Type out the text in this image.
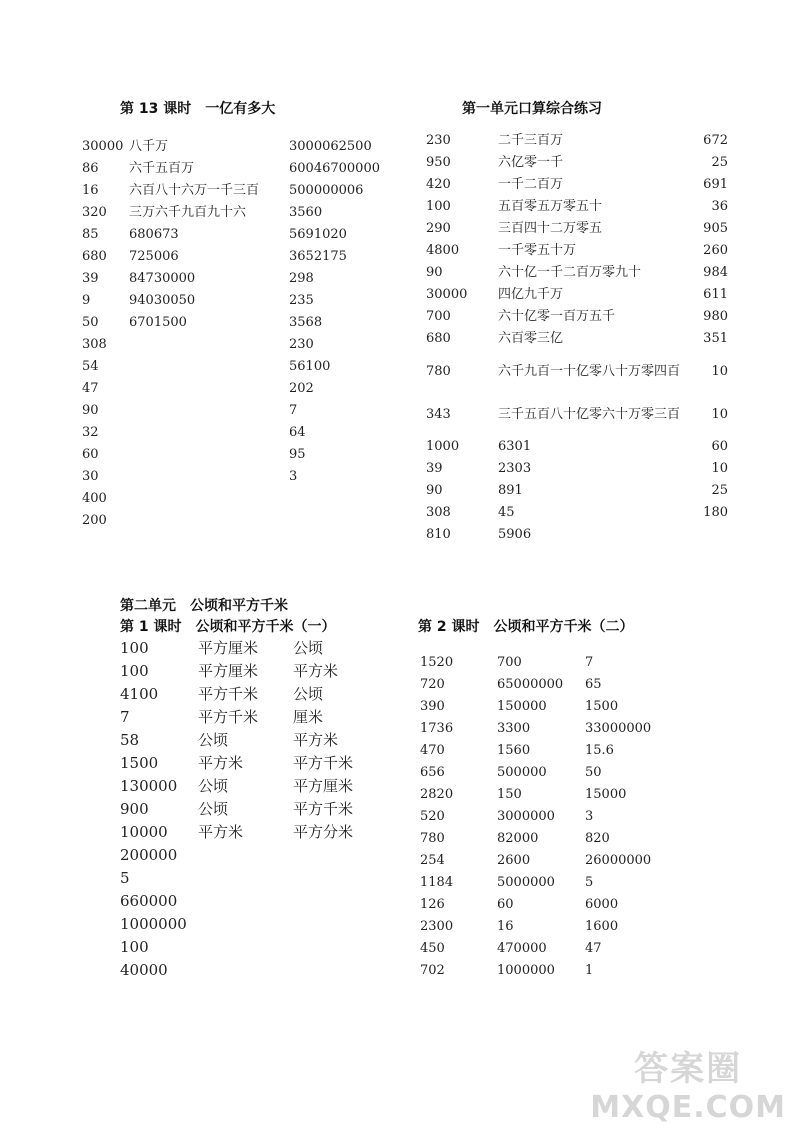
第 13 课时　一亿有多大
30000
86
16
320
85
680
39
9
50
308
54
47
90
32
60
30
400
200
八千万
六千五百万
六百八十六万一千三百
三万六千九百九十六
680673
725006
84730000
94030050
6701500
3000062500
60046700000
500000006
3560
5691020
3652175
298
235
3568
230
56100
202
7
64
95
3
第一单元口算综合练习
230
950
420
100
290
4800
90
30000
700
680
780
343
1000
39
90
308
810
二千三百万
六亿零一千
一千二百万
五百零五万零五十
三百四十二万零五
一千零五十万
六十亿一千二百万零九十
四亿九千万
六十亿零一百万五千
六百零三亿
六千九百一十亿零八十万零四百
三千五百八十亿零六十万零三百
6301
2303
891
45
5906
672
25
691
36
905
260
984
611
980
351
10
10
60
10
25
180
第二单元　公顷和平方千米
第 1 课时　公顷和平方千米（一）
100
100
4100
7
58
1500
130000
900
10000
200000
5
660000
1000000
100
40000
平方厘米
平方厘米
平方千米
平方千米
公顷
平方米
公顷
公顷
平方米
公顷
平方米
公顷
厘米
平方米
平方千米
平方厘米
平方千米
平方分米
第 2 课时　公顷和平方千米（二）
1520
720
390
1736
470
656
2820
520
780
254
1184
126
2300
450
702
700
65000000
150000
3300
1560
500000
150
3000000
82000
2600
5000000
60
16
470000
1000000
7
65
1500
33000000
15.6
50
15000
3
820
26000000
5
6000
1600
47
1
答案圈
MXQE.COM
